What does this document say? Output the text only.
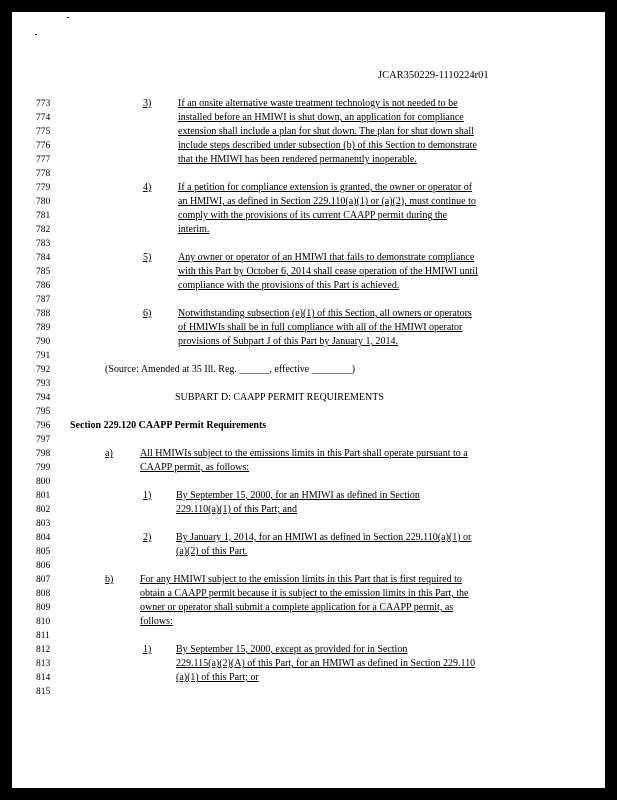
JCAR350229-1110224r01
773
774
775
776
777
778
779
780
781
782
783
784
785
786
787
788
789
790
791
792
793
794
795
796
797
798
799
800
801
802
803
804
805
806
807
808
809
810
811
812
813
814
815
3)	If an onsite alternative waste treatment technology is not needed to be
installed before an HMIWI is shut down, an application for compliance
extension shall include a plan for shut down. The plan for shut down shall
include steps described under subsection (b) of this Section to demonstrate
that the HMIWI has been rendered permanently inoperable.
4)	If a petition for compliance extension is granted, the owner or operator of
an HMIWI, as defined in Section 229.110(a)(1) or (a)(2), must continue to
comply with the provisions of its current CAAPP permit during the
interim.
5)	Any owner or operator of an HMIWI that fails to demonstrate compliance
with this Part by October 6, 2014 shall cease operation of the HMIWI until
compliance with the provisions of this Part is achieved.
6)	Notwithstanding subsection (e)(1) of this Section, all owners or operators
of HMIWIs shall be in full compliance with all of the HMIWI operator
provisions of Subpart J of this Part by January 1, 2014.
(Source: Amended at 35 Ill. Reg. ______, effective ________)
SUBPART D: CAAPP PERMIT REQUIREMENTS
Section 229.120 CAAPP Permit Requirements
a)	All HMIWIs subject to the emissions limits in this Part shall operate pursuant to a
CAAPP permit, as follows:
1) By September 15, 2000, for an HMIWI as defined in Section
229.110(a)(1) of this Part; and
2) By January 1, 2014, for an HMIWI as defined in Section 229.110(a)(1) or
(a)(2) of this Part.
b)	For any HMIWI subject to the emission limits in this Part that is first required to
obtain a CAAPP permit because it is subject to the emission limits in this Part, the
owner or operator shall submit a complete application for a CAAPP permit, as
follows:
1) By September 15, 2000, except as provided for in Section
229.115(a)(2)(A) of this Part, for an HMIWI as defined in Section 229.110
(a)(1) of this Part; or
